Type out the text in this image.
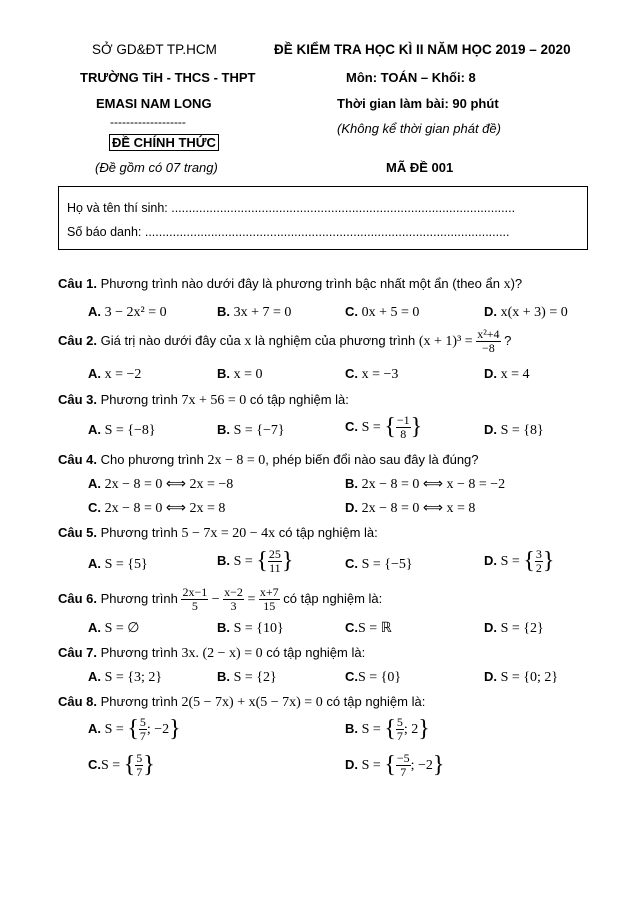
SỞ GD&ĐT TP.HCM
TRƯỜNG TiH - THCS - THPT
EMASI NAM LONG
-------------------
ĐỀ CHÍNH THỨC
(Đề gồm có 07 trang)
ĐỀ KIỂM TRA HỌC KÌ II NĂM HỌC 2019 – 2020
Môn: TOÁN – Khối: 8
Thời gian làm bài: 90 phút
(Không kể thời gian phát đề)
MÃ ĐỀ 001
Họ và tên thí sinh: ...................................................................................................
Số báo danh: .........................................................................................................
Câu 1. Phương trình nào dưới đây là phương trình bậc nhất một ẩn (theo ẩn x)?
A. 3 − 2x² = 0	B. 3x + 7 = 0	C. 0x + 5 = 0	D. x(x + 3) = 0
Câu 2. Giá trị nào dưới đây của x là nghiệm của phương trình $(x + 1)^3 = \frac{\text{x²+4}}{-8}$ ?
A. x = −2	B. x = 0	C. x = −3	D. x = 4
Câu 3. Phương trình 7x + 56 = 0 có tập nghiệm là:
A. S = {−8}	B. S = {−7}	C. S = { $\frac{-1}{8}$ }	D. S = {8}
Câu 4. Cho phương trình 2x − 8 = 0, phép biến đổi nào sau đây là đúng?
A. 2x − 8 = 0 ⟺ 2x = −8	B. 2x − 8 = 0 ⟺ x − 8 = −2
C. 2x − 8 = 0 ⟺ 2x = 8	D. 2x − 8 = 0 ⟺ x = 8
Câu 5. Phương trình 5 − 7x = 20 − 4x có tập nghiệm là:
A. S = {5}	B. S = { $\frac{25}{11}$ }	C. S = {−5}	D. S = { $\frac{3}{2}$ }
Câu 6. Phương trình $\frac{2x-1}{5} - \frac{x-2}{3} = \frac{x+7}{15}$ có tập nghiệm là:
A. S = ∅	B. S = {10}	C.S = ℝ	D. S = {2}
Câu 7. Phương trình 3x. (2 − x) = 0 có tập nghiệm là:
A. S = {3; 2}	B. S = {2}	C.S = {0}	D. S = {0; 2}
Câu 8. Phương trình 2(5 − 7x) + x(5 − 7x) = 0 có tập nghiệm là:
A. S = { $\frac{5}{7}$ ; −2}	B. S = { $\frac{5}{7}$ ; 2}
C.S = { $\frac{5}{7}$ }	D. S = { $\frac{-5}{7}$ ; −2}
